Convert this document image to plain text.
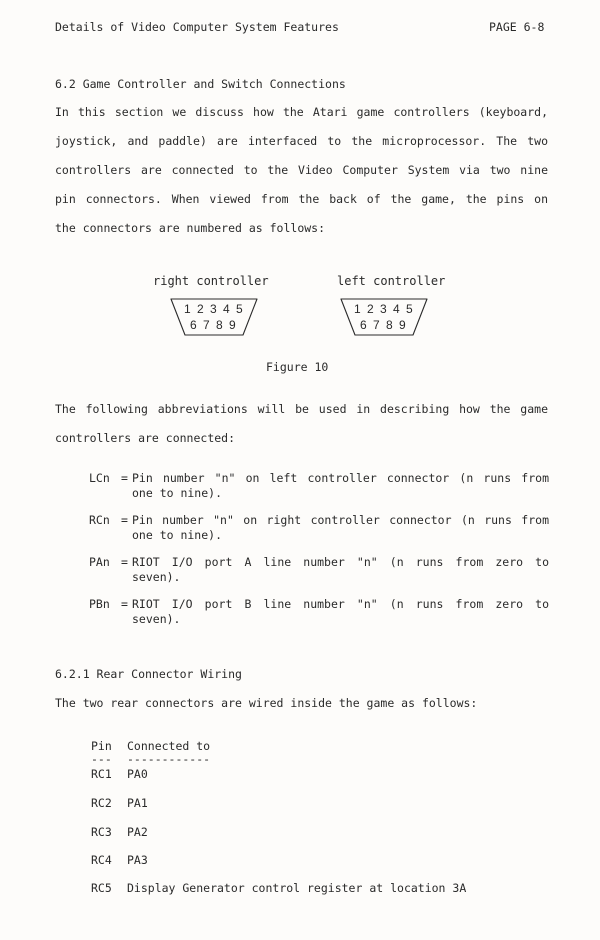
Details of Video Computer System Features	PAGE 6-8
6.2 Game Controller and Switch Connections
In this section we discuss how the Atari game controllers (keyboard,
joystick, and paddle) are interfaced to the microprocessor. The two
controllers are connected to the Video Computer System via two nine
pin connectors. When viewed from the back of the game, the pins on
the connectors are numbered as follows:
right controller	left controller
1 2 3 4 5
6 7 8 9
1 2 3 4 5
6 7 8 9
Figure 10
The following abbreviations will be used in describing how the game
controllers are connected:
LCn = Pin number "n" on left controller connector (n runs from
one to nine).
RCn = Pin number "n" on right controller connector (n runs from
one to nine).
PAn = RIOT I/O port A line number "n" (n runs from zero to
seven).
PBn = RIOT I/O port B line number "n" (n runs from zero to
seven).
6.2.1 Rear Connector Wiring
The two rear connectors are wired inside the game as follows:
Pin Connected to
--- ------------
RC1 PA0
RC2 PA1
RC3 PA2
RC4 PA3
RC5 Display Generator control register at location 3A
